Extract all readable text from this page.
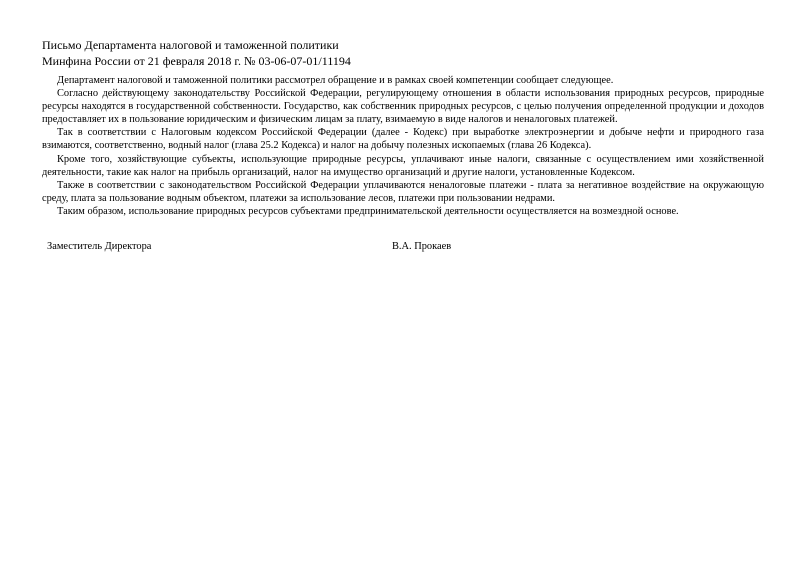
Письмо Департамента налоговой и таможенной политики
Минфина России от 21 февраля 2018 г. № 03-06-07-01/11194

Департамент налоговой и таможенной политики рассмотрел обращение и в рамках своей компетенции сообщает следующее.

Согласно действующему законодательству Российской Федерации, регулирующему отношения в области использования природных ресурсов, природные ресурсы находятся в государственной собственности. Государство, как собственник природных ресурсов, с целью получения определенной продукции и доходов предоставляет их в пользование юридическим и физическим лицам за плату, взимаемую в виде налогов и неналоговых платежей.

Так в соответствии с Налоговым кодексом Российской Федерации (далее - Кодекс) при выработке электроэнергии и добыче нефти и природного газа взимаются, соответственно, водный налог (глава 25.2 Кодекса) и налог на добычу полезных ископаемых (глава 26 Кодекса).

Кроме того, хозяйствующие субъекты, использующие природные ресурсы, уплачивают иные налоги, связанные с осуществлением ими хозяйственной деятельности, такие как налог на прибыль организаций, налог на имущество организаций и другие налоги, установленные Кодексом.

Также в соответствии с законодательством Российской Федерации уплачиваются неналоговые платежи - плата за негативное воздействие на окружающую среду, плата за пользование водным объектом, платежи за использование лесов, платежи при пользовании недрами.

Таким образом, использование природных ресурсов субъектами предпринимательской деятельности осуществляется на возмездной основе.

Заместитель Директора	В.А. Прокаев
